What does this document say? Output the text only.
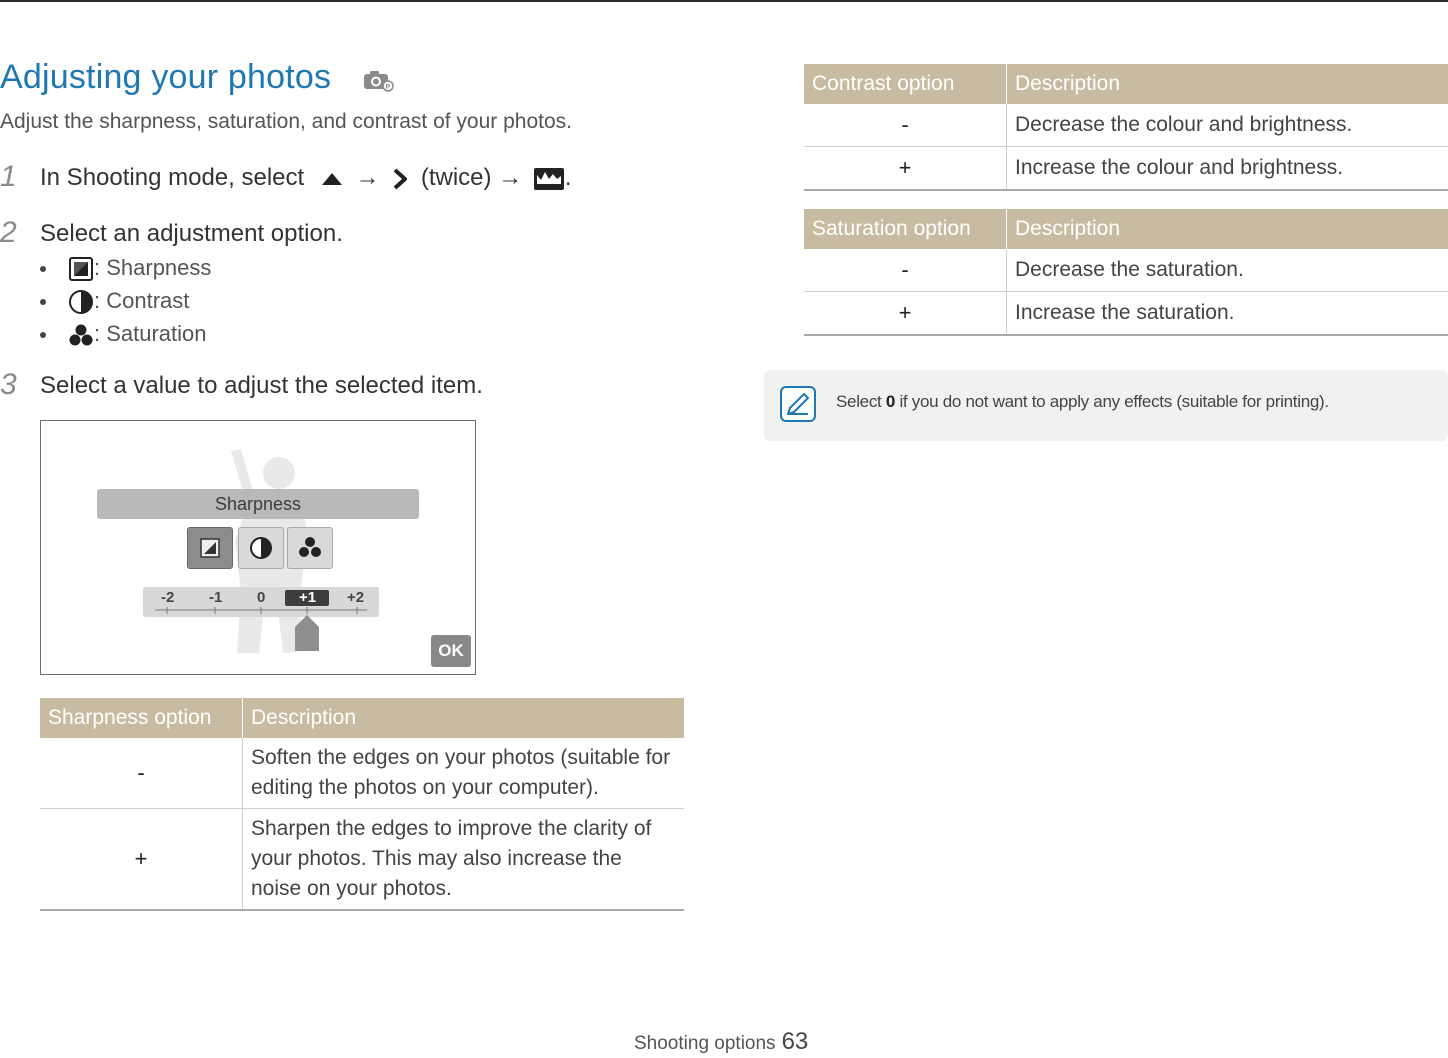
Adjusting your photos	P
Adjust the sharpness, saturation, and contrast of your photos.
1 In Shooting mode, select → (twice) → .
2 Select an adjustment option.
: Sharpness
: Contrast
: Saturation
3 Select a value to adjust the selected item.
Sharpness
-2 -1 0 +1 +2
OK
Sharpness option	Description
-	Soften the edges on your photos (suitable for editing the photos on your computer).
+	Sharpen the edges to improve the clarity of your photos. This may also increase the noise on your photos.
Contrast option	Description
-	Decrease the colour and brightness.
+	Increase the colour and brightness.
Saturation option	Description
-	Decrease the saturation.
+	Increase the saturation.
Select 0 if you do not want to apply any effects (suitable for printing).
Shooting options 63
